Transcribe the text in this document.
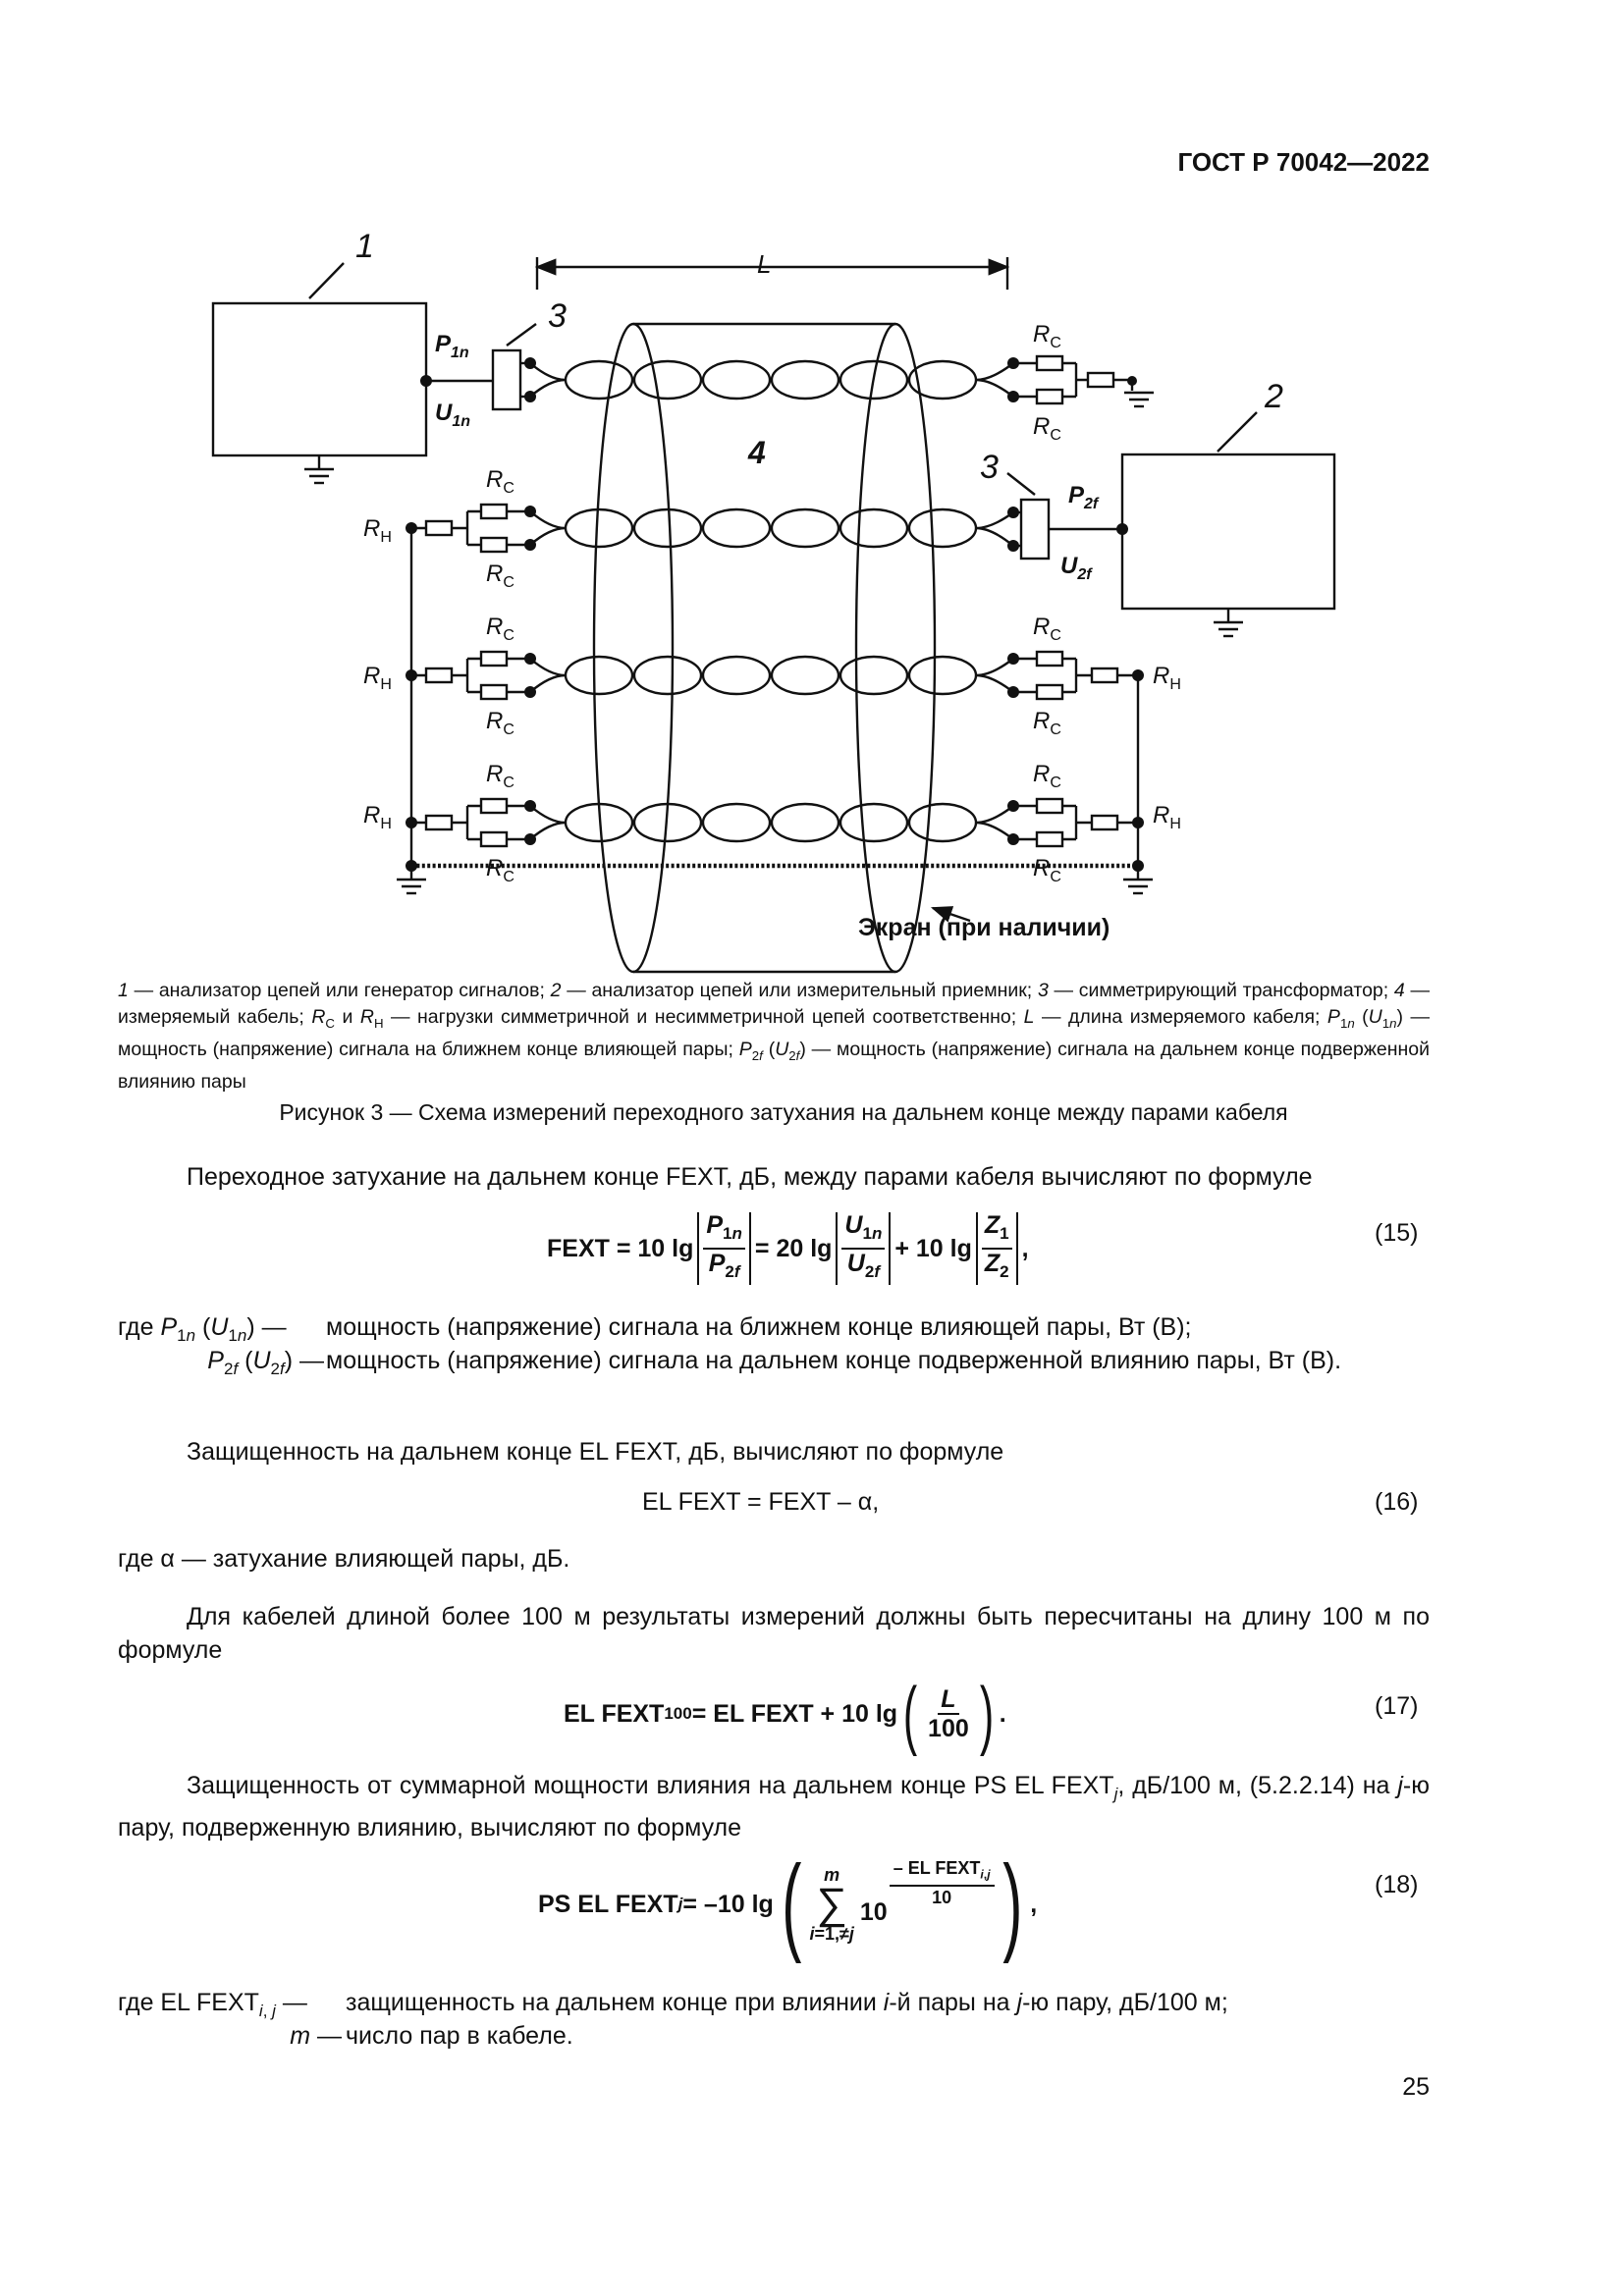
ГОСТ Р 70042—2022
1
2
3
3
4
L
$P_{1n}$
$U_{1n}$
$P_{2f}$
$U_{2f}$
$R_C$
$R_C$
$R_C$
$R_C$
$R_C$
$R_C$
$R_C$
$R_C$
$R_C$
$R_C$
$R_C$
$R_C$
$R_Н$
$R_Н$
$R_Н$
$R_Н$
$R_Н$
Экран (при наличии)
1 — анализатор цепей или генератор сигналов; 2 — анализатор цепей или измерительный приемник; 3 — симметрирующий трансформатор; 4 — измеряемый кабель; $R_C$ и $R_Н$ — нагрузки симметричной и несимметричной цепей соответственно; L — длина измеряемого кабеля; $P_{1n}$ $(U_{1n})$ — мощность (напряжение) сигнала на ближнем конце влияющей пары; $P_{2f}$ $(U_{2f})$ — мощность (напряжение) сигнала на дальнем конце подверженной влиянию пары
Рисунок 3 — Схема измерений переходного затухания на дальнем конце между парами кабеля
Переходное затухание на дальнем конце FEXT, дБ, между парами кабеля вычисляют по формуле
FEXT = 10 $\lg \frac{P_{1n}}{P_{2f}} = 20$ $\lg \frac{U_{1n}}{U_{2f}} + 10$ $\lg \frac{Z_1}{Z_2}$ ,
(15)
где $P_{1n}$ $(U_{1n})$ —	мощность (напряжение) сигнала на ближнем конце влияющей пары, Вт (В);
$P_{2f}$ $(U_{2f})$ — мощность (напряжение) сигнала на дальнем конце подверженной влиянию пары, Вт (В).
Защищенность на дальнем конце EL FEXT, дБ, вычисляют по формуле
EL FEXT = FEXT – α,	(16)
где α — затухание влияющей пары, дБ.
Для кабелей длиной более 100 м результаты измерений должны быть пересчитаны на длину 100 м по формуле
EL FEXT 100 = EL FEXT + 10 lg ( $\frac{L}{100}$ ) .	(17)
Защищенность от суммарной мощности влияния на дальнем конце PS EL $FEXT_j$, дБ/100 м, (5.2.2.14) на j-ю пару, подверженную влиянию, вычисляют по формуле
PS EL FEXT j = –10 lg ( m
∑
i=1,≠j
10
– EL $FEXT_{i,j}$
10 ) ,
(18)
где EL $FEXT_{i, j}$ —	защищенность на дальнем конце при влиянии i-й пары на j-ю пару, дБ/100 м;
m — число пар в кабеле.
25
